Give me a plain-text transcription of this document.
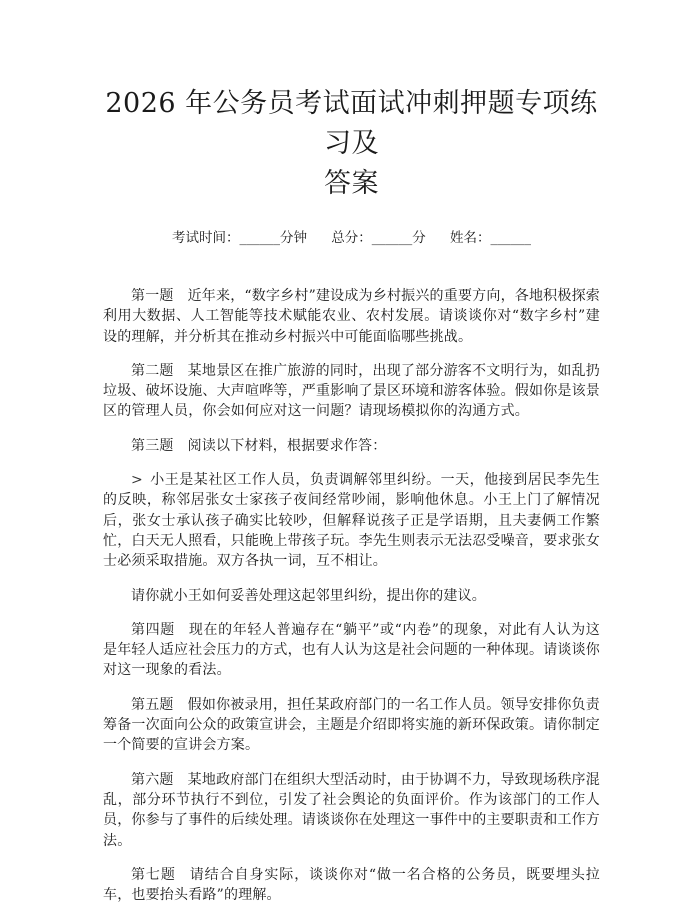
2026 年公务员考试面试冲刺押题专项练习及
答案
考试时间：______分钟 总分：______分 姓名：______

第一题 近年来，“数字乡村”建设成为乡村振兴的重要方向，各地积极探索利用大数据、人工智能等技术赋能农业、农村发展。请谈谈你对“数字乡村”建设的理解，并分析其在推动乡村振兴中可能面临哪些挑战。

第二题 某地景区在推广旅游的同时，出现了部分游客不文明行为，如乱扔垃圾、破坏设施、大声喧哗等，严重影响了景区环境和游客体验。假如你是该景区的管理人员，你会如何应对这一问题？请现场模拟你的沟通方式。

第三题 阅读以下材料，根据要求作答：

> 小王是某社区工作人员，负责调解邻里纠纷。一天，他接到居民李先生的反映，称邻居张女士家孩子夜间经常吵闹，影响他休息。小王上门了解情况后，张女士承认孩子确实比较吵，但解释说孩子正是学语期，且夫妻俩工作繁忙，白天无人照看，只能晚上带孩子玩。李先生则表示无法忍受噪音，要求张女士必须采取措施。双方各执一词，互不相让。

请你就小王如何妥善处理这起邻里纠纷，提出你的建议。

第四题 现在的年轻人普遍存在“躺平”或“内卷”的现象，对此有人认为这是年轻人适应社会压力的方式，也有人认为这是社会问题的一种体现。请谈谈你对这一现象的看法。

第五题 假如你被录用，担任某政府部门的一名工作人员。领导安排你负责筹备一次面向公众的政策宣讲会，主题是介绍即将实施的新环保政策。请你制定一个简要的宣讲会方案。

第六题 某地政府部门在组织大型活动时，由于协调不力，导致现场秩序混乱，部分环节执行不到位，引发了社会舆论的负面评价。作为该部门的工作人员，你参与了事件的后续处理。请谈谈你在处理这一事件中的主要职责和工作方法。

第七题 请结合自身实际，谈谈你对“做一名合格的公务员，既要埋头拉车，也要抬头看路”的理解。
